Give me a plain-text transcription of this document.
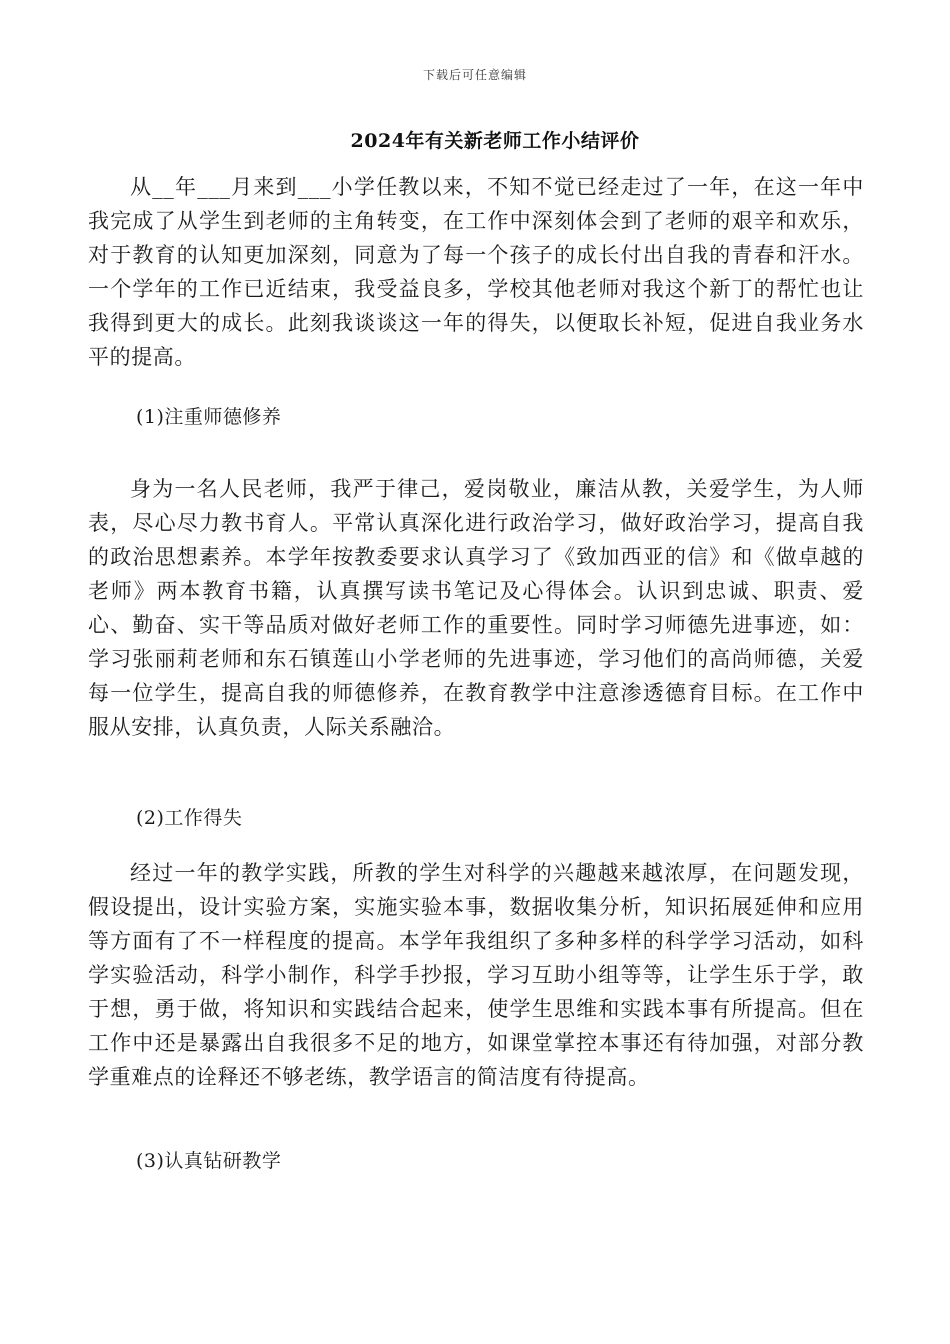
下载后可任意编辑
2024年有关新老师工作小结评价

从__年___月来到___小学任教以来，不知不觉已经走过了一年，在这一年中我完成了从学生到老师的主角转变，在工作中深刻体会到了老师的艰辛和欢乐，对于教育的认知更加深刻，同意为了每一个孩子的成长付出自我的青春和汗水。一个学年的工作已近结束，我受益良多，学校其他老师对我这个新丁的帮忙也让我得到更大的成长。此刻我谈谈这一年的得失，以便取长补短，促进自我业务水平的提高。

(1)注重师德修养

身为一名人民老师，我严于律己，爱岗敬业，廉洁从教，关爱学生，为人师表，尽心尽力教书育人。平常认真深化进行政治学习，做好政治学习，提高自我的政治思想素养。本学年按教委要求认真学习了《致加西亚的信》和《做卓越的老师》两本教育书籍，认真撰写读书笔记及心得体会。认识到忠诚、职责、爱心、勤奋、实干等品质对做好老师工作的重要性。同时学习师德先进事迹，如：学习张丽莉老师和东石镇莲山小学老师的先进事迹，学习他们的高尚师德，关爱每一位学生，提高自我的师德修养，在教育教学中注意渗透德育目标。在工作中服从安排，认真负责，人际关系融洽。

(2)工作得失

经过一年的教学实践，所教的学生对科学的兴趣越来越浓厚，在问题发现，假设提出，设计实验方案，实施实验本事，数据收集分析，知识拓展延伸和应用等方面有了不一样程度的提高。本学年我组织了多种多样的科学学习活动，如科学实验活动，科学小制作，科学手抄报，学习互助小组等等，让学生乐于学，敢于想，勇于做，将知识和实践结合起来，使学生思维和实践本事有所提高。但在工作中还是暴露出自我很多不足的地方，如课堂掌控本事还有待加强，对部分教学重难点的诠释还不够老练，教学语言的简洁度有待提高。

(3)认真钻研教学
